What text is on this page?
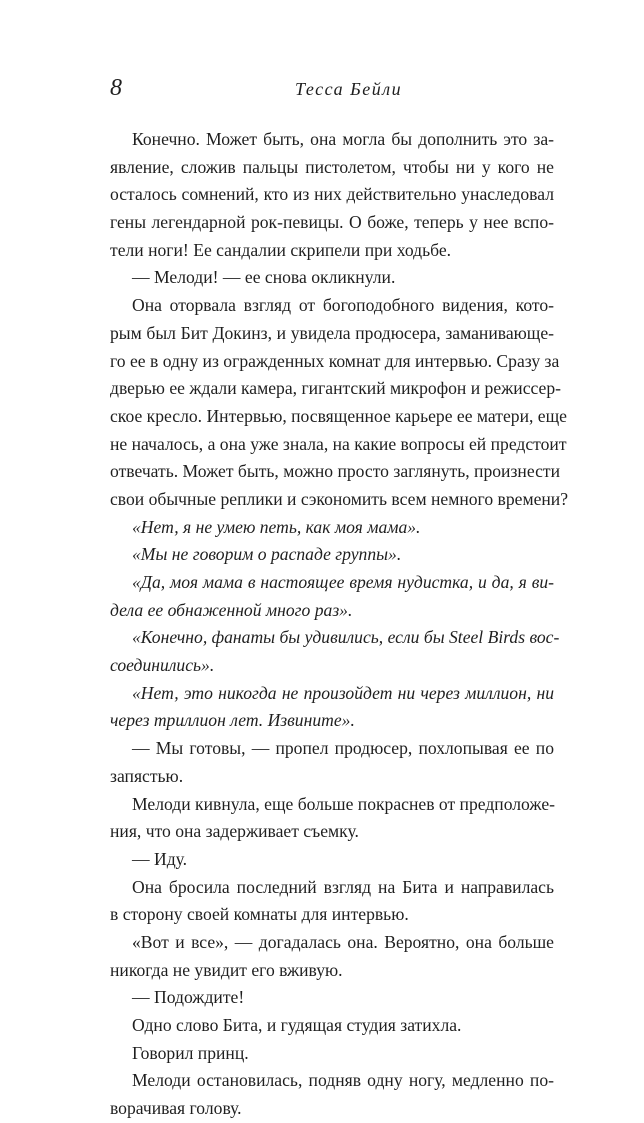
8	Тесса Бейли
Конечно. Может быть, она могла бы дополнить это за-
явление, сложив пальцы пистолетом, чтобы ни у кого не
осталось сомнений, кто из них действительно унаследовал
гены легендарной рок-певицы. О боже, теперь у нее вспо-
тели ноги! Ее сандалии скрипели при ходьбе.
— Мелоди! — ее снова окликнули.
Она оторвала взгляд от богоподобного видения, кото-
рым был Бит Докинз, и увидела продюсера, заманивающе-
го ее в одну из огражденных комнат для интервью. Сразу за
дверью ее ждали камера, гигантский микрофон и режиссер-
ское кресло. Интервью, посвященное карьере ее матери, еще
не началось, а она уже знала, на какие вопросы ей предстоит
отвечать. Может быть, можно просто заглянуть, произнести
свои обычные реплики и сэкономить всем немного времени?
«Нет, я не умею петь, как моя мама».
«Мы не говорим о распаде группы».
«Да, моя мама в настоящее время нудистка, и да, я ви-
дела ее обнаженной много раз».
«Конечно, фанаты бы удивились, если бы Steel Birds вос-
соединились».
«Нет, это никогда не произойдет ни через миллион, ни
через триллион лет. Извините».
— Мы готовы, — пропел продюсер, похлопывая ее по
запястью.
Мелоди кивнула, еще больше покраснев от предположе-
ния, что она задерживает съемку.
— Иду.
Она бросила последний взгляд на Бита и направилась
в сторону своей комнаты для интервью.
«Вот и все», — догадалась она. Вероятно, она больше
никогда не увидит его вживую.
— Подождите!
Одно слово Бита, и гудящая студия затихла.
Говорил принц.
Мелоди остановилась, подняв одну ногу, медленно по-
ворачивая голову.
